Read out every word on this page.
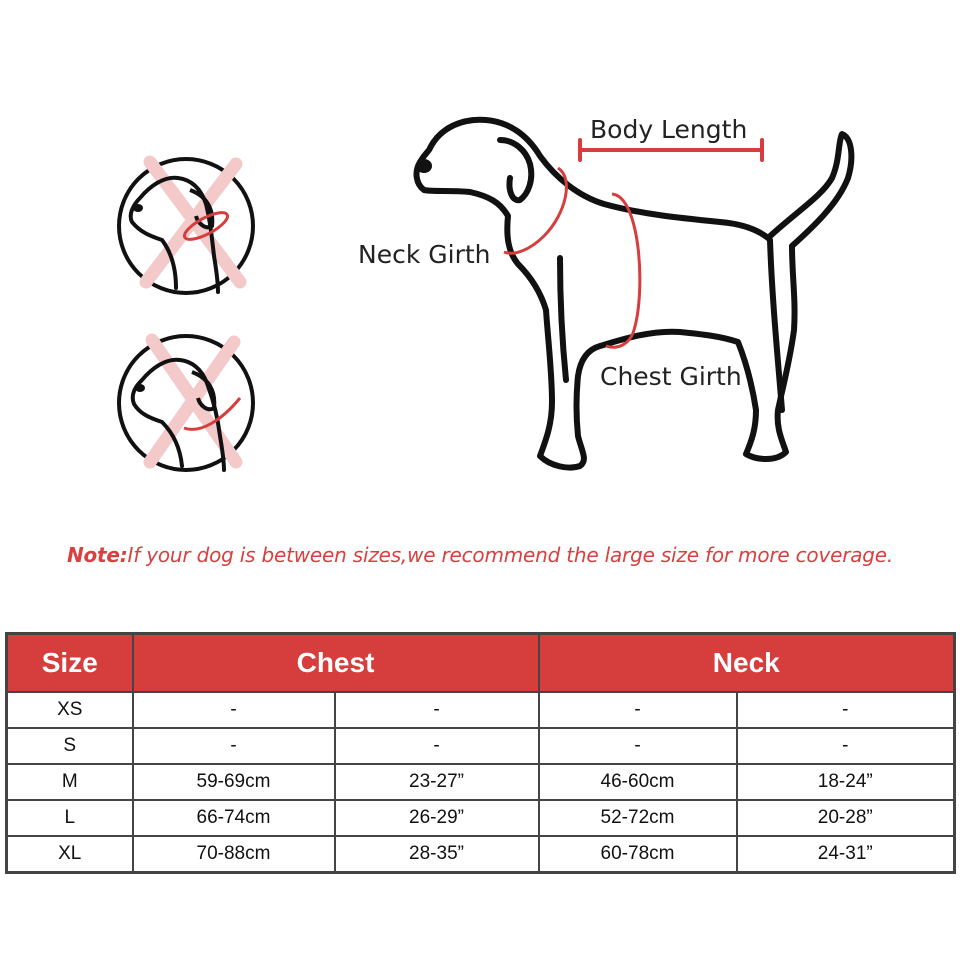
Body Length
Neck Girth
Chest Girth
Note:If your dog is between sizes,we recommend the large size for more coverage.
Size	Chest		Neck	
XS	-	-	-	-
S	-	-	-	-
M	59-69cm	23-27”	46-60cm	18-24”
L	66-74cm	26-29”	52-72cm	20-28”
XL	70-88cm	28-35”	60-78cm	24-31”
